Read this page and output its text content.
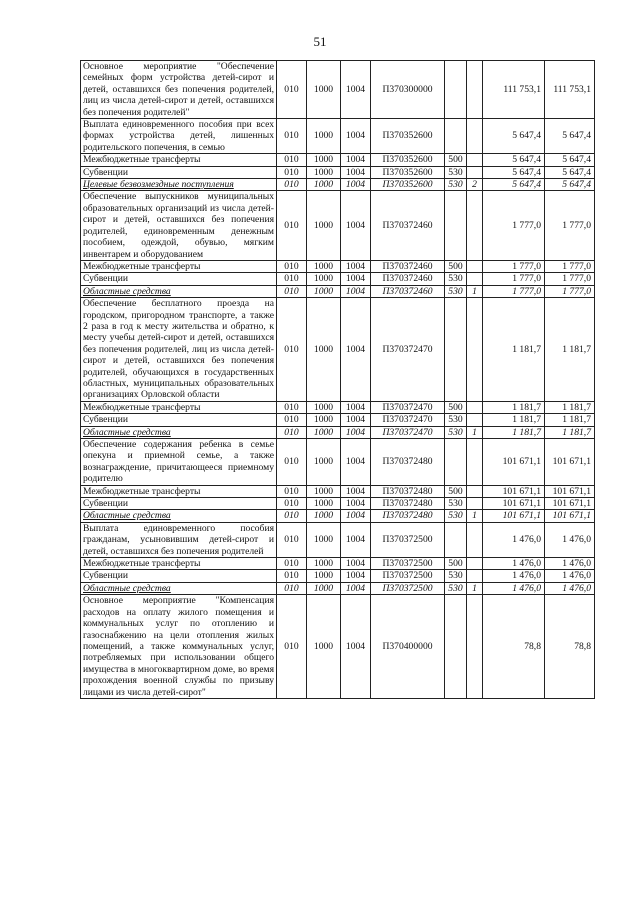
51
Основное мероприятие "Обеспечение семейных форм устройства детей-сирот и детей, оставшихся без попечения родителей, лиц из числа детей-сирот и детей, оставшихся без попечения родителей"	010	1000	1004	П370300000			111 753,1	111 753,1
Выплата единовременного пособия при всех формах устройства детей, лишенных родительского попечения, в семью	010	1000	1004	П370352600			5 647,4	5 647,4
Межбюджетные трансферты	010	1000	1004	П370352600	500		5 647,4	5 647,4
Субвенции	010	1000	1004	П370352600	530		5 647,4	5 647,4
Целевые безвозмездные поступления	010	1000	1004	П370352600	530	2	5 647,4	5 647,4
Обеспечение выпускников муниципальных образовательных организаций из числа детей-сирот и детей, оставшихся без попечения родителей, единовременным денежным пособием, одеждой, обувью, мягким инвентарем и оборудованием	010	1000	1004	П370372460			1 777,0	1 777,0
Межбюджетные трансферты	010	1000	1004	П370372460	500		1 777,0	1 777,0
Субвенции	010	1000	1004	П370372460	530		1 777,0	1 777,0
Областные средства	010	1000	1004	П370372460	530	1	1 777,0	1 777,0
Обеспечение бесплатного проезда на городском, пригородном транспорте, а также 2 раза в год к месту жительства и обратно, к месту учебы детей-сирот и детей, оставшихся без попечения родителей, лиц из числа детей-сирот и детей, оставшихся без попечения родителей, обучающихся в государственных областных, муниципальных образовательных организациях Орловской области	010	1000	1004	П370372470			1 181,7	1 181,7
Межбюджетные трансферты	010	1000	1004	П370372470	500		1 181,7	1 181,7
Субвенции	010	1000	1004	П370372470	530		1 181,7	1 181,7
Областные средства	010	1000	1004	П370372470	530	1	1 181,7	1 181,7
Обеспечение содержания ребенка в семье опекуна и приемной семье, а также вознаграждение, причитающееся приемному родителю	010	1000	1004	П370372480			101 671,1	101 671,1
Межбюджетные трансферты	010	1000	1004	П370372480	500		101 671,1	101 671,1
Субвенции	010	1000	1004	П370372480	530		101 671,1	101 671,1
Областные средства	010	1000	1004	П370372480	530	1	101 671,1	101 671,1
Выплата единовременного пособия гражданам, усыновившим детей-сирот и детей, оставшихся без попечения родителей	010	1000	1004	П370372500			1 476,0	1 476,0
Межбюджетные трансферты	010	1000	1004	П370372500	500		1 476,0	1 476,0
Субвенции	010	1000	1004	П370372500	530		1 476,0	1 476,0
Областные средства	010	1000	1004	П370372500	530	1	1 476,0	1 476,0
Основное мероприятие "Компенсация расходов на оплату жилого помещения и коммунальных услуг по отоплению и газоснабжению на цели отопления жилых помещений, а также коммунальных услуг, потребляемых при использовании общего имущества в многоквартирном доме, во время прохождения военной службы по призыву лицами из числа детей-сирот"	010	1000	1004	П370400000			78,8	78,8
